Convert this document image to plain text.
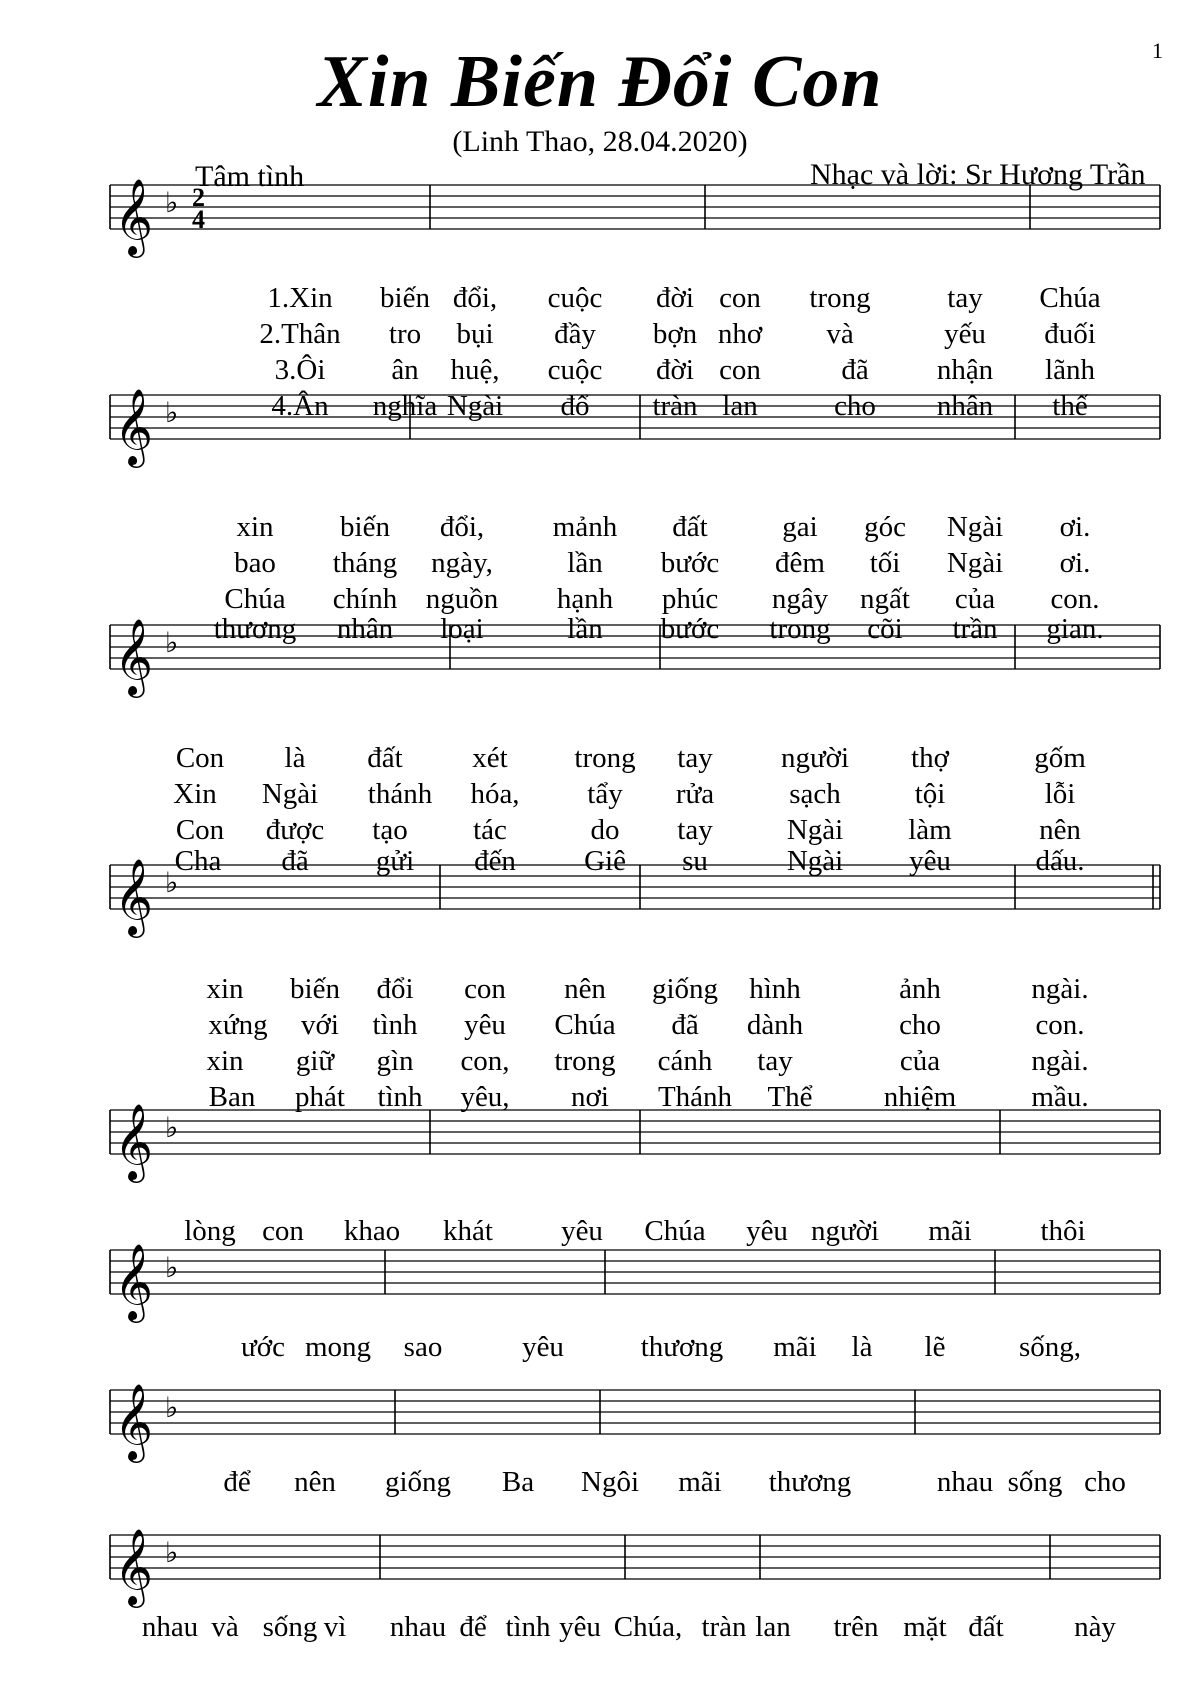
1
Xin Biến Đổi Con
(Linh Thao, 28.04.2020)
Tâm tình	Nhạc và lời: Sr Hương Trần
𝄞 ♭ 2
4
1.Xin biến đổi, cuộc đời con trong	tay Chúa
2.Thân tro bụi đầy bợn nhơ và	yếu đuối
3.Ôi ân huệ, cuộc đời con	đã nhận lãnh
4.Ân nghĩa Ngài đổ tràn lan	cho nhân thế
𝄞 ♭
xin biến đổi, mảnh đất	gai góc Ngài ơi.
bao tháng ngày,	lần bước đêm tối Ngài ơi.
Chúa chính nguồn hạnh phúc ngây ngất của con.
thương nhân loại	lần bước trong cõi trần gian.
𝄞 ♭
Con là đất xét trong tay người thợ	gốm
Xin Ngài thánh hóa, tẩy rửa	sạch	tội	lỗi
Con được tạo tác	do tay	Ngài làm	nên
Cha đã gửi đến Giê su	Ngài yêu	dấu.
𝄞 ♭
xin biến đổi con nên giống hình	ảnh	ngài.
xứng với tình yêu Chúa đã dành	cho	con.
xin giữ gìn con, trong cánh tay	của	ngài.
Ban phát tình yêu, nơi Thánh Thể nhiệm	mầu.
𝄞 ♭
lòng con khao khát yêu Chúa yêu người mãi thôi
𝄞 ♭
ước mong sao	yêu	thương mãi là lẽ	sống,
𝄞 ♭
để nên giống Ba Ngôi mãi thương	nhau sống cho
𝄞 ♭
nhau và sống vì nhau để tình yêu Chúa, tràn lan trên mặt đất này
